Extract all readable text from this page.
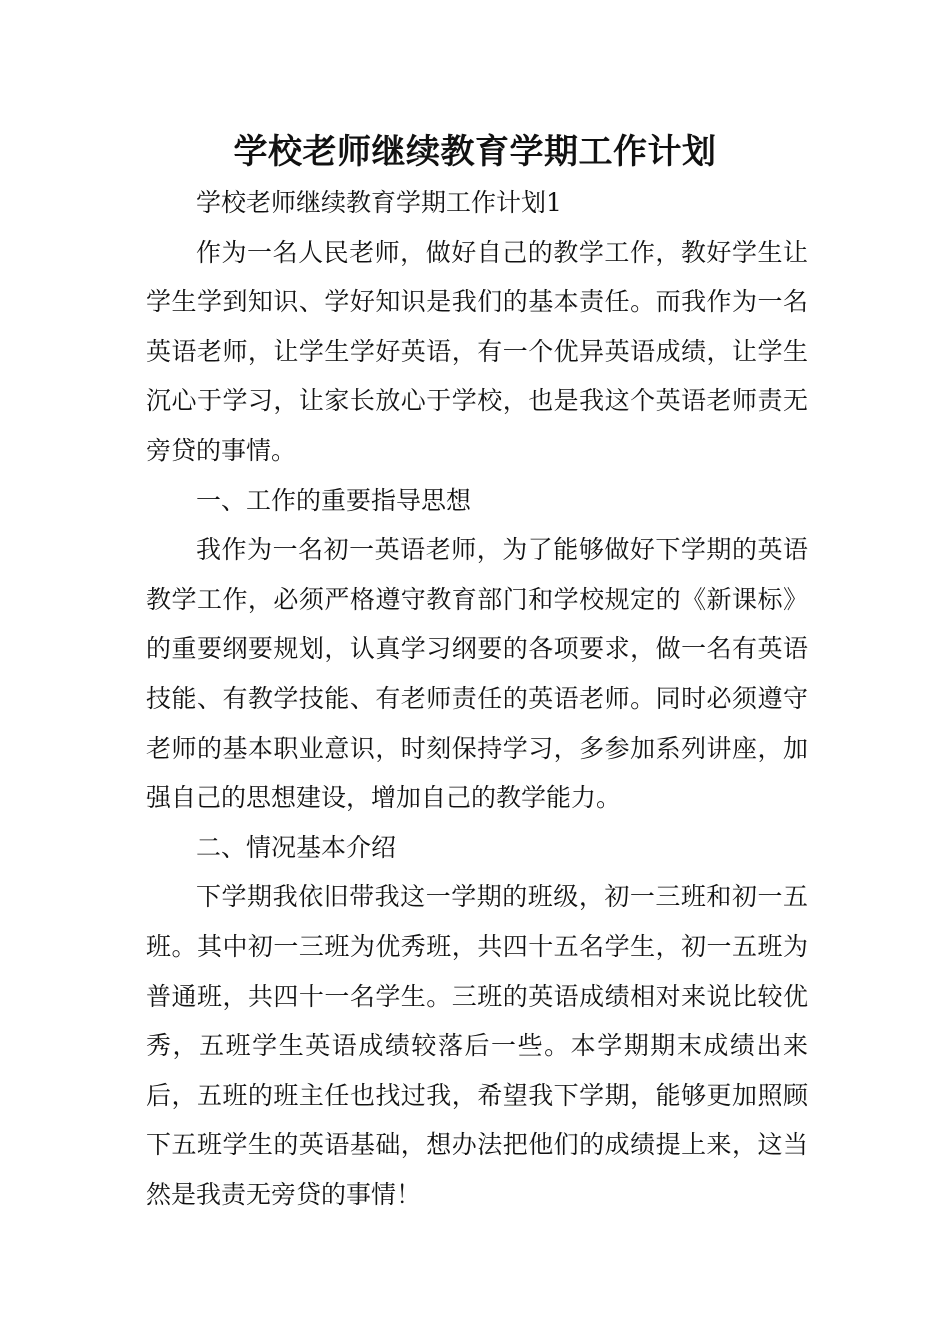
学校老师继续教育学期工作计划

学校老师继续教育学期工作计划1

作为一名人民老师，做好自己的教学工作，教好学生让学生学到知识、学好知识是我们的基本责任。而我作为一名英语老师，让学生学好英语，有一个优异英语成绩，让学生沉心于学习，让家长放心于学校，也是我这个英语老师责无旁贷的事情。

一、工作的重要指导思想

我作为一名初一英语老师，为了能够做好下学期的英语教学工作，必须严格遵守教育部门和学校规定的《新课标》的重要纲要规划，认真学习纲要的各项要求，做一名有英语技能、有教学技能、有老师责任的英语老师。同时必须遵守老师的基本职业意识，时刻保持学习，多参加系列讲座，加强自己的思想建设，增加自己的教学能力。

二、情况基本介绍

下学期我依旧带我这一学期的班级，初一三班和初一五班。其中初一三班为优秀班，共四十五名学生，初一五班为普通班，共四十一名学生。三班的英语成绩相对来说比较优秀，五班学生英语成绩较落后一些。本学期期末成绩出来后，五班的班主任也找过我，希望我下学期，能够更加照顾下五班学生的英语基础，想办法把他们的成绩提上来，这当然是我责无旁贷的事情！
